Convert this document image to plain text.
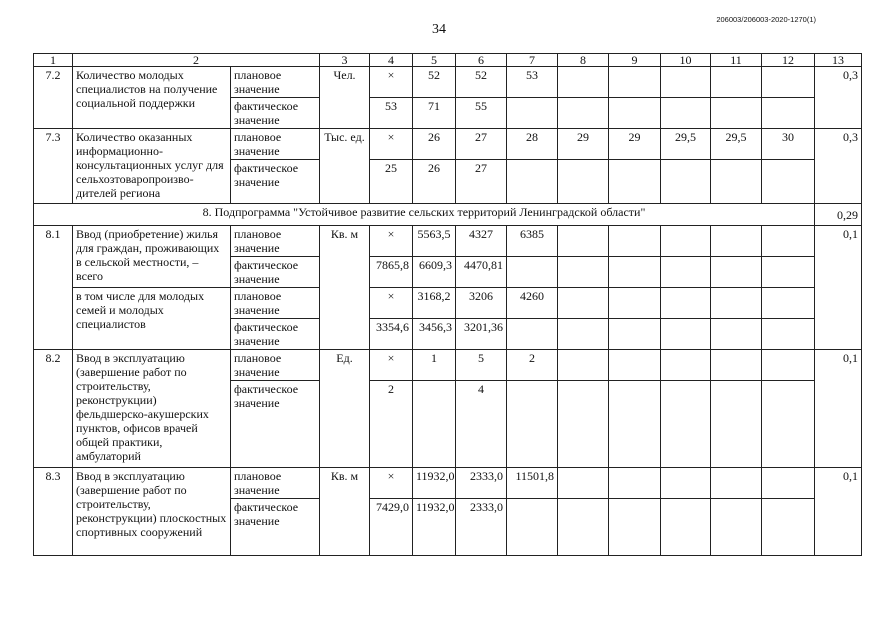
34
206003/206003-2020-1270(1)
1	2		3	4	5	6	7	8	9	10	11	12	13
7.2	Количество молодых специалистов на получение социальной поддержки	плановое значение	Чел.	×	52	52	53						0,3
		фактическое значение		53	71	55							
7.3	Количество оказанных информационно-консультационных услуг для сельхозтоваропроизво-дителей региона	плановое значение	Тыс. ед.	×	26	27	28	29	29	29,5	29,5	30	0,3
		фактическое значение		25	26	27							
8. Подпрограмма "Устойчивое развитие сельских территорий Ленинградской области"													0,29
8.1	Ввод (приобретение) жилья для граждан, проживающих в сельской местности, – всего	плановое значение	Кв. м	×	5563,5	4327	6385						0,1
		фактическое значение		7865,8	6609,3	4470,81							
	в том числе для молодых семей и молодых специалистов	плановое значение		×	3168,2	3206	4260						
		фактическое значение		3354,6	3456,3	3201,36							
8.2	Ввод в эксплуатацию (завершение работ по строительству, реконструкции) фельдшерско-акушерских пунктов, офисов врачей общей практики, амбулаторий	плановое значение	Ед.	×	1	5	2						0,1
		фактическое значение		2		4							
8.3	Ввод в эксплуатацию (завершение работ по строительству, реконструкции) плоскостных спортивных сооружений	плановое значение	Кв. м	×	11932,0	2333,0	11501,8						0,1
		фактическое значение		7429,0	11932,0	2333,0							
